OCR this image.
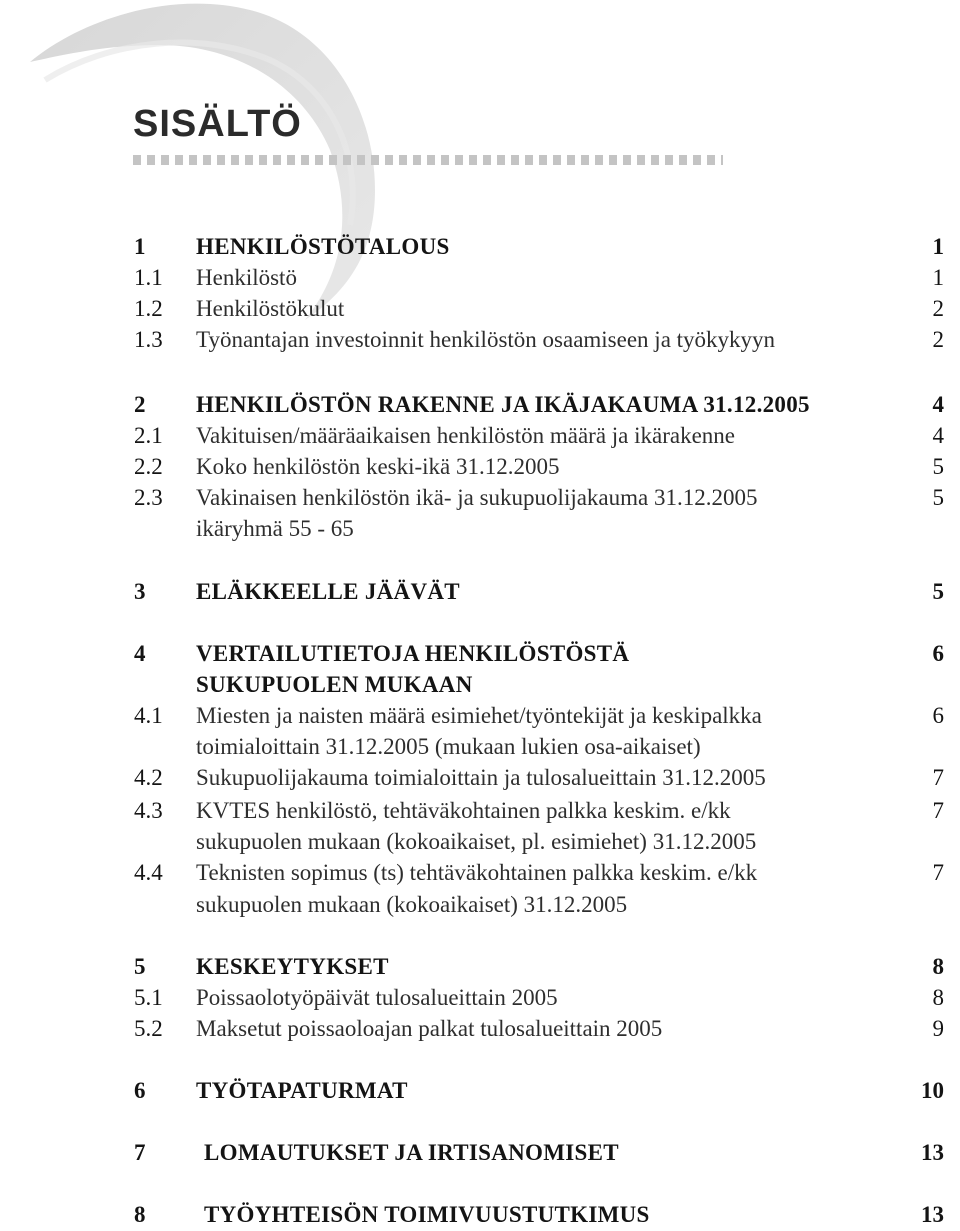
SISÄLTÖ
1 HENKILÖSTÖTALOUS	1
1.1 Henkilöstö	1
1.2 Henkilöstökulut	2
1.3 Työnantajan investoinnit henkilöstön osaamiseen ja työkykyyn	2
2 HENKILÖSTÖN RAKENNE JA IKÄJAKAUMA 31.12.2005	4
2.1 Vakituisen/määräaikaisen henkilöstön määrä ja ikärakenne	4
2.2 Koko henkilöstön keski-ikä 31.12.2005	5
2.3 Vakinaisen henkilöstön ikä- ja sukupuolijakauma 31.12.2005	5
ikäryhmä 55 - 65
3 ELÄKKEELLE JÄÄVÄT	5
4 VERTAILUTIETOJA HENKILÖSTÖSTÄ	6
SUKUPUOLEN MUKAAN
4.1 Miesten ja naisten määrä esimiehet/työntekijät ja keskipalkka	6
toimialoittain 31.12.2005 (mukaan lukien osa-aikaiset)
4.2 Sukupuolijakauma toimialoittain ja tulosalueittain 31.12.2005	7
4.3 KVTES henkilöstö, tehtäväkohtainen palkka keskim. e/kk	7
sukupuolen mukaan (kokoaikaiset, pl. esimiehet) 31.12.2005
4.4 Teknisten sopimus (ts) tehtäväkohtainen palkka keskim. e/kk	7
sukupuolen mukaan (kokoaikaiset) 31.12.2005
5 KESKEYTYKSET	8
5.1 Poissaolotyöpäivät tulosalueittain 2005	8
5.2 Maksetut poissaoloajan palkat tulosalueittain 2005	9
6 TYÖTAPATURMAT	10
7	LOMAUTUKSET JA IRTISANOMISET	13
8	TYÖYHTEISÖN TOIMIVUUSTUTKIMUS	13
